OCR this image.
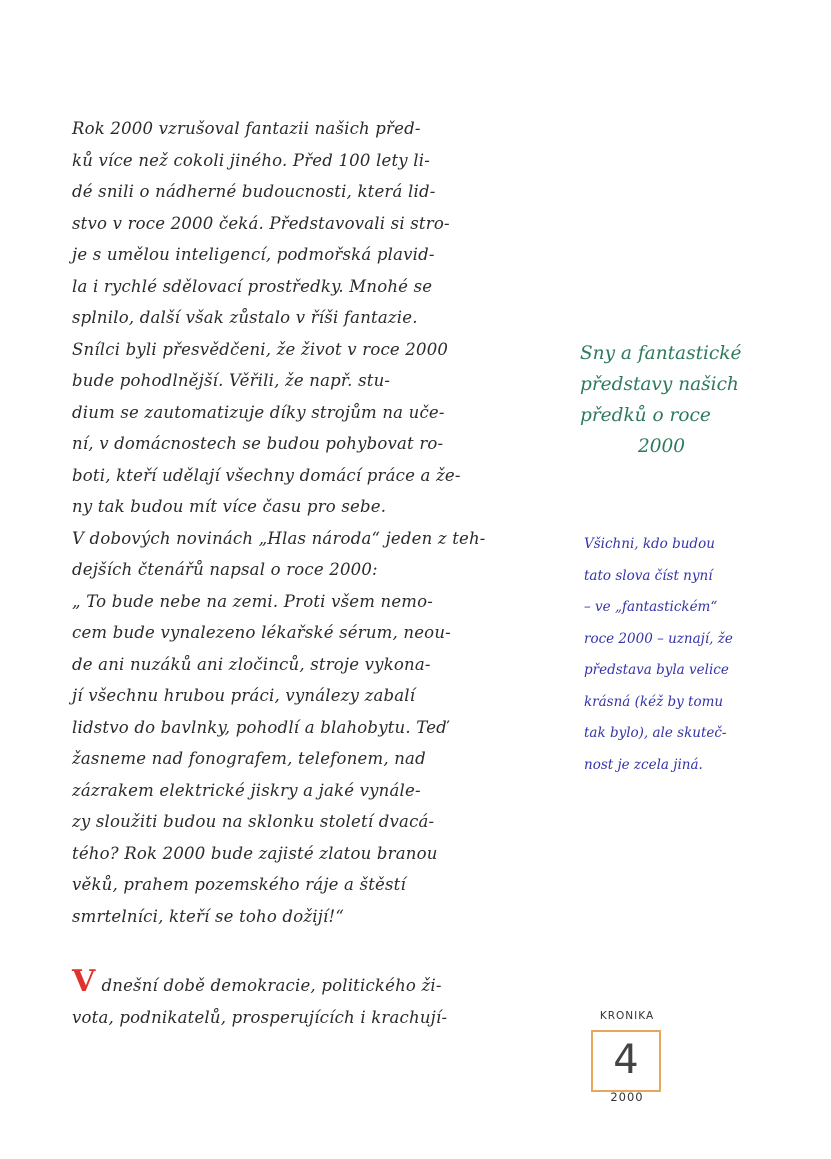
Rok 2000 vzrušoval fantazii našich před-
ků více než cokoli jiného. Před 100 lety li-
dé snili o nádherné budoucnosti, která lid-
stvo v roce 2000 čeká. Představovali si stro-
je s umělou inteligencí, podmořská plavid-
la i rychlé sdělovací prostředky. Mnohé se
splnilo, další však zůstalo v říši fantazie.
Snílci byli přesvědčeni, že život v roce 2000
bude pohodlnější. Věřili, že např. stu-
dium se zautomatizuje díky strojům na uče-
ní, v domácnostech se budou pohybovat ro-
boti, kteří udělají všechny domácí práce a že-
ny tak budou mít více času pro sebe.
V dobových novinách „Hlas národa“ jeden z teh-
dejších čtenářů napsal o roce 2000:
„ To bude nebe na zemi. Proti všem nemo-
cem bude vynalezeno lékařské sérum, neou-
de ani nuzáků ani zločinců, stroje vykona-
jí všechnu hrubou práci, vynálezy zabalí
lidstvo do bavlnky, pohodlí a blahobytu. Teď
žasneme nad fonografem, telefonem, nad
zázrakem elektrické jiskry a jaké vynále-
zy sloužiti budou na sklonku století dvacá-
tého? Rok 2000 bude zajisté zlatou branou
věků, prahem pozemského ráje a štěstí
smrtelníci, kteří se toho dožijí!“
Vdnešní době demokracie, politického ži-
vota, podnikatelů, prosperujících i krachují-
Sny a fantastické
představy našich
předků o roce
2000
Všichni, kdo budou
tato slova číst nyní
– ve „fantastickém“
roce 2000 – uznají, že
představa byla velice
krásná (kéž by tomu
tak bylo), ale skuteč-
nost je zcela jiná.
KRONIKA
4
2000
